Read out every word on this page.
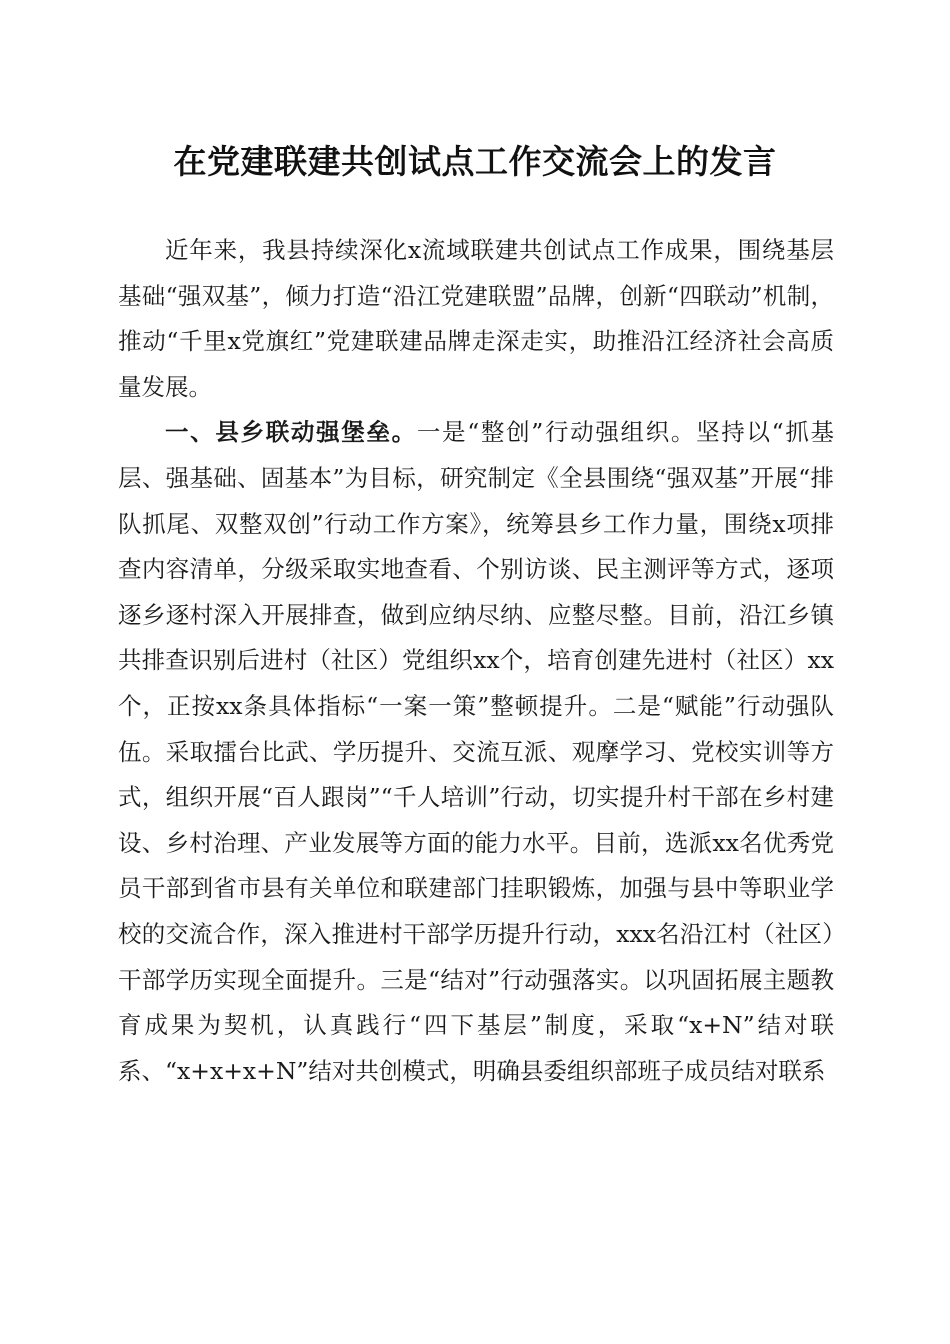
在党建联建共创试点工作交流会上的发言

近年来，我县持续深化x流域联建共创试点工作成果，围绕基层基础“强双基”，倾力打造“沿江党建联盟”品牌，创新“四联动”机制，推动“千里x党旗红”党建联建品牌走深走实，助推沿江经济社会高质量发展。

一、县乡联动强堡垒。一是“整创”行动强组织。坚持以“抓基层、强基础、固基本”为目标，研究制定《全县围绕“强双基”开展“排队抓尾、双整双创”行动工作方案》，统筹县乡工作力量，围绕x项排查内容清单，分级采取实地查看、个别访谈、民主测评等方式，逐项逐乡逐村深入开展排查，做到应纳尽纳、应整尽整。目前，沿江乡镇共排查识别后进村（社区）党组织xx个，培育创建先进村（社区）xx个，正按xx条具体指标“一案一策”整顿提升。二是“赋能”行动强队伍。采取擂台比武、学历提升、交流互派、观摩学习、党校实训等方式，组织开展“百人跟岗”“千人培训”行动，切实提升村干部在乡村建设、乡村治理、产业发展等方面的能力水平。目前，选派xx名优秀党员干部到省市县有关单位和联建部门挂职锻炼，加强与县中等职业学校的交流合作，深入推进村干部学历提升行动，xxx名沿江村（社区）干部学历实现全面提升。三是“结对”行动强落实。以巩固拓展主题教育成果为契机，认真践行“四下基层”制度，采取“x+N”结对联系、“x+x+x+N”结对共创模式，明确县委组织部班子成员结对联系
